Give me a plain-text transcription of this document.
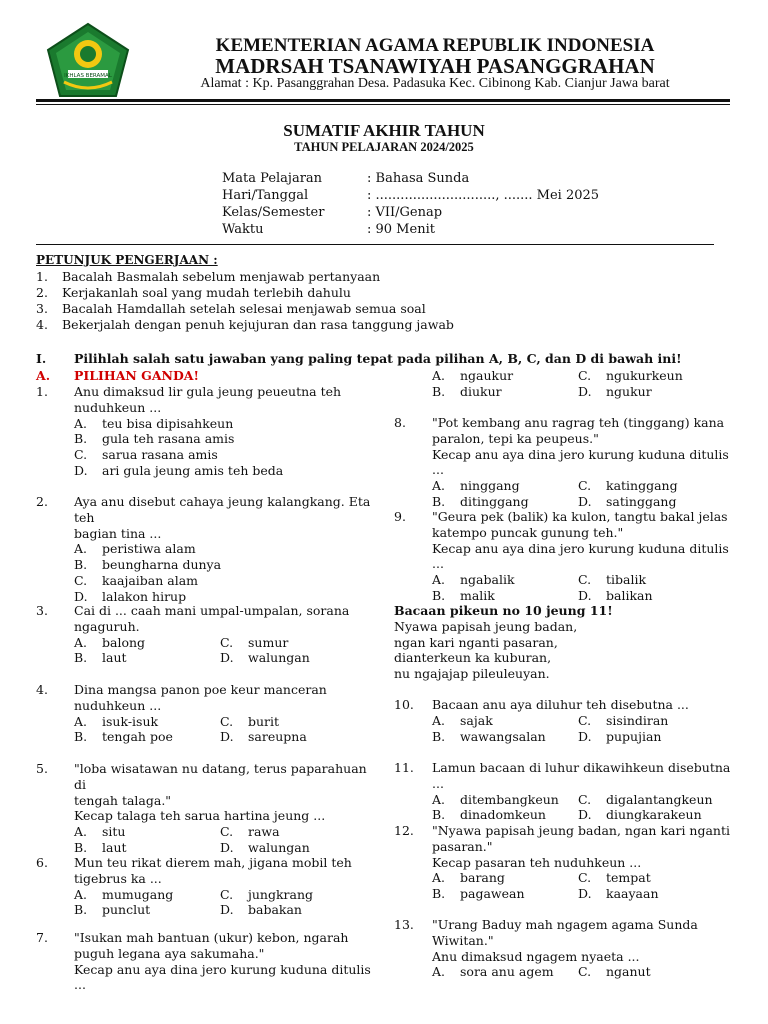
IKHLAS BERAMAL
KEMENTERIAN AGAMA REPUBLIK INDONESIA
MADRSAH TSANAWIYAH PASANGGRAHAN
Alamat : Kp. Pasanggrahan Desa. Padasuka Kec. Cibinong Kab. Cianjur Jawa barat
SUMATIF AKHIR TAHUN
TAHUN PELAJARAN 2024/2025
Mata Pelajaran	: Bahasa Sunda
Hari/Tanggal	: ............................., ....... Mei 2025
Kelas/Semester	: VII/Genap
Waktu	: 90 Menit
PETUNJUK PENGERJAAN :
1. Bacalah Basmalah sebelum menjawab pertanyaan
2. Kerjakanlah soal yang mudah terlebih dahulu
3. Bacalah Hamdallah setelah selesai menjawab semua soal
4. Bekerjalah dengan penuh kejujuran dan rasa tanggung jawab
I. Pilihlah salah satu jawaban yang paling tepat pada pilihan A, B, C, dan D di bawah ini!
A. PILIHAN GANDA!
1. Anu dimaksud lir gula jeung peueutna teh
nuduhkeun ...
A. teu bisa dipisahkeun
B. gula teh rasana amis
C. sarua rasana amis
D. ari gula jeung amis teh beda
2. Aya anu disebut cahaya jeung kalangkang. Eta teh
bagian tina ...
A. peristiwa alam
B. beungharna dunya
C. kaajaiban alam
D. lalakon hirup
3. Cai di ... caah mani umpal-umpalan, sorana
ngaguruh.
A. balong	C. sumur
B. laut	D. walungan
4. Dina mangsa panon poe keur manceran
nuduhkeun ...
A. isuk-isuk	C. burit
B. tengah poe	D. sareupna
5. "loba wisatawan nu datang, terus paparahuan di
tengah talaga."
Kecap talaga teh sarua hartina jeung ...
A. situ	C. rawa
B. laut	D. walungan
6. Mun teu rikat dierem mah, jigana mobil teh
tigebrus ka ...
A. mumugang	C. jungkrang
B. punclut	D. babakan
7. "Isukan mah bantuan (ukur) kebon, ngarah
puguh legana aya sakumaha."
Kecap anu aya dina jero kurung kuduna ditulis ...
A. ngaukur	C. ngukurkeun
B. diukur	D. ngukur
8. "Pot kembang anu ragrag teh (tinggang) kana
paralon, tepi ka peupeus."
Kecap anu aya dina jero kurung kuduna ditulis ...
A. ninggang	C. katinggang
B. ditinggang	D. satinggang
9. "Geura pek (balik) ka kulon, tangtu bakal jelas
katempo puncak gunung teh."
Kecap anu aya dina jero kurung kuduna ditulis ...
A. ngabalik	C. tibalik
B. malik	D. balikan
Bacaan pikeun no 10 jeung 11!
Nyawa papisah jeung badan,
ngan kari nganti pasaran,
dianterkeun ka kuburan,
nu ngajajap pileuleuyan.
10. Bacaan anu aya diluhur teh disebutna ...
A. sajak	C. sisindiran
B. wawangsalan	D. pupujian
11. Lamun bacaan di luhur dikawihkeun disebutna ...
A. ditembangkeun C. digalantangkeun
B. dinadomkeun	D. diungkarakeun
12. "Nyawa papisah jeung badan, ngan kari nganti
pasaran."
Kecap pasaran teh nuduhkeun ...
A. barang	C. tempat
B. pagawean	D. kaayaan
13. "Urang Baduy mah ngagem agama Sunda
Wiwitan."
Anu dimaksud ngagem nyaeta ...
A. sora anu agem C. nganut
